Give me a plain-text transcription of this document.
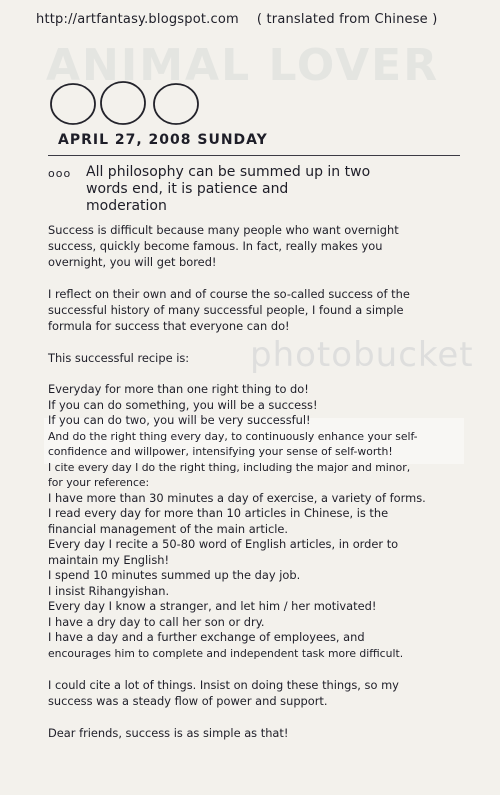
ANIMAL LOVER
http://artfantasy.blogspot.com ( translated from Chinese )
APRIL 27, 2008 SUNDAY
ooo All philosophy can be summed up in two
words end, it is patience and
moderation
photobucket
Success is difficult because many people who want overnight
success, quickly become famous. In fact, really makes you
overnight, you will get bored!
I reflect on their own and of course the so-called success of the
successful history of many successful people, I found a simple
formula for success that everyone can do!
This successful recipe is:
Everyday for more than one right thing to do!
If you can do something, you will be a success!
If you can do two, you will be very successful!
And do the right thing every day, to continuously enhance your self-
confidence and willpower, intensifying your sense of self-worth!
I cite every day I do the right thing, including the major and minor,
for your reference:
I have more than 30 minutes a day of exercise, a variety of forms.
I read every day for more than 10 articles in Chinese, is the
financial management of the main article.
Every day I recite a 50-80 word of English articles, in order to
maintain my English!
I spend 10 minutes summed up the day job.
I insist Rihangyishan.
Every day I know a stranger, and let him / her motivated!
I have a dry day to call her son or dry.
I have a day and a further exchange of employees, and
encourages him to complete and independent task more difficult.
I could cite a lot of things. Insist on doing these things, so my
success was a steady flow of power and support.
Dear friends, success is as simple as that!
